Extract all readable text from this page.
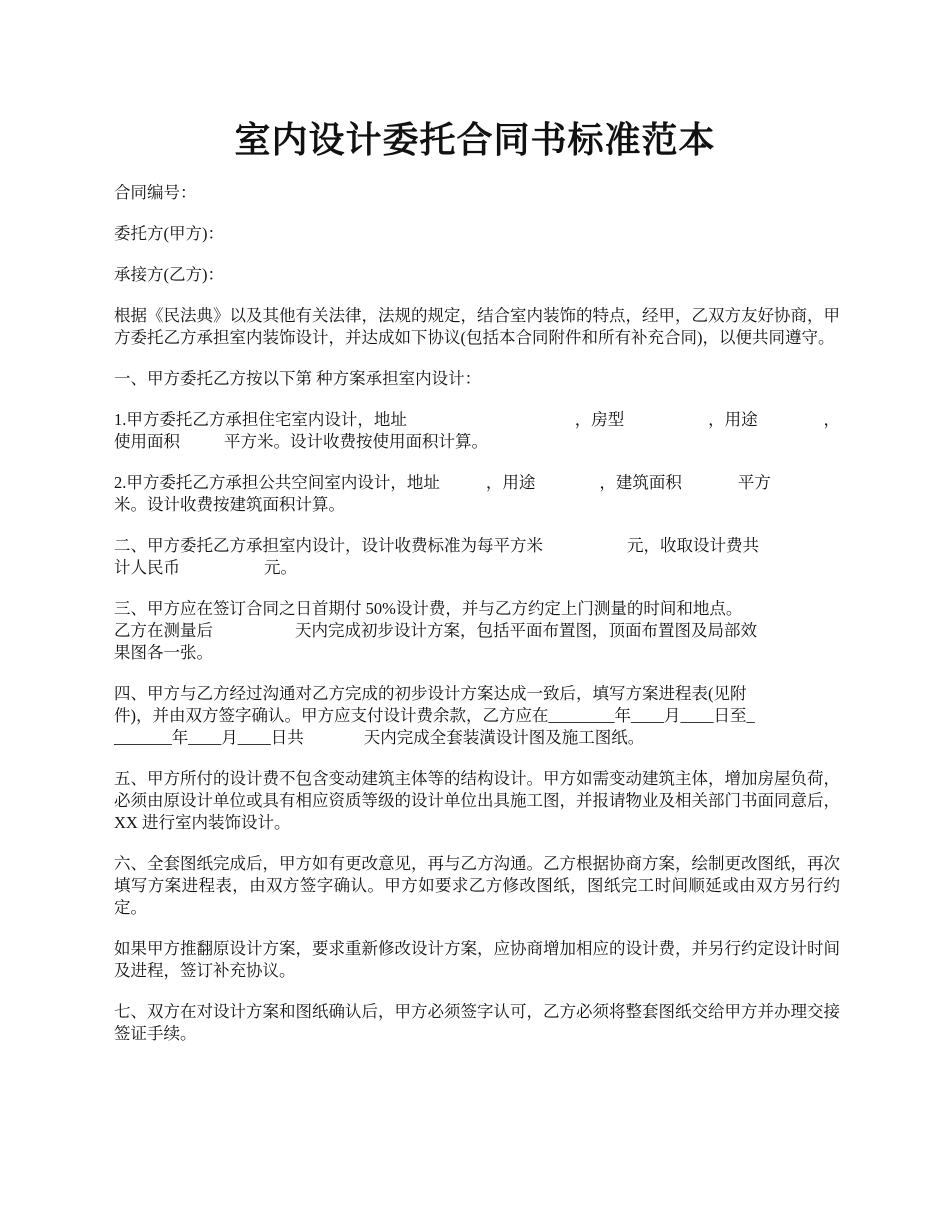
室内设计委托合同书标准范本

合同编号：

委托方(甲方)：

承接方(乙方)：

根据《民法典》以及其他有关法律，法规的规定，结合室内装饰的特点，经甲，乙双方友好协商，甲方委托乙方承担室内装饰设计，并达成如下协议(包括本合同附件和所有补充合同)，以便共同遵守。

一、甲方委托乙方按以下第 种方案承担室内设计：

1.甲方委托乙方承担住宅室内设计，地址	，房型	，用途	，
使用面积	平方米。设计收费按使用面积计算。
2.甲方委托乙方承担公共空间室内设计，地址	，用途	，建筑面积	平方
米。设计收费按建筑面积计算。
二、甲方委托乙方承担室内设计，设计收费标准为每平方米	元，收取设计费共
计人民币	元。
三、甲方应在签订合同之日首期付 50%设计费，并与乙方约定上门测量的时间和地点。
乙方在测量后	天内完成初步设计方案，包括平面布置图，顶面布置图及局部效
果图各一张。
四、甲方与乙方经过沟通对乙方完成的初步设计方案达成一致后，填写方案进程表(见附
件)，并由双方签字确认。甲方应支付设计费余款，乙方应在________年____月____日至_
_______年____月____日共	天内完成全套装潢设计图及施工图纸。

五、甲方所付的设计费不包含变动建筑主体等的结构设计。甲方如需变动建筑主体，增加房屋负荷，必须由原设计单位或具有相应资质等级的设计单位出具施工图，并报请物业及相关部门书面同意后，XX 进行室内装饰设计。

六、全套图纸完成后，甲方如有更改意见，再与乙方沟通。乙方根据协商方案，绘制更改图纸，再次填写方案进程表，由双方签字确认。甲方如要求乙方修改图纸，图纸完工时间顺延或由双方另行约定。

如果甲方推翻原设计方案，要求重新修改设计方案，应协商增加相应的设计费，并另行约定设计时间及进程，签订补充协议。

七、双方在对设计方案和图纸确认后，甲方必须签字认可，乙方必须将整套图纸交给甲方并办理交接签证手续。
